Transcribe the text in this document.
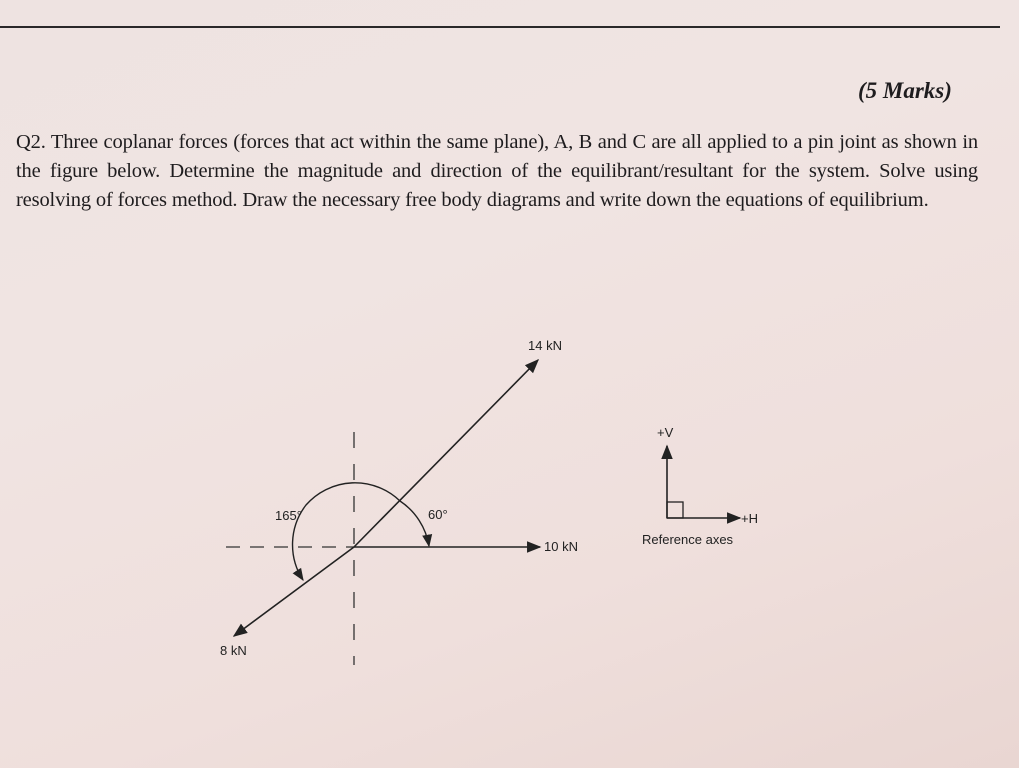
(5 Marks)
Q2. Three coplanar forces (forces that act within the same plane), A, B and C are all applied to a pin joint as shown in the figure below. Determine the magnitude and direction of the equilibrant/resultant for the system. Solve using resolving of forces method. Draw the necessary free body diagrams and write down the equations of equilibrium.
14 kN
10 kN
8 kN
165°	60°
+V
+H
Reference axes
